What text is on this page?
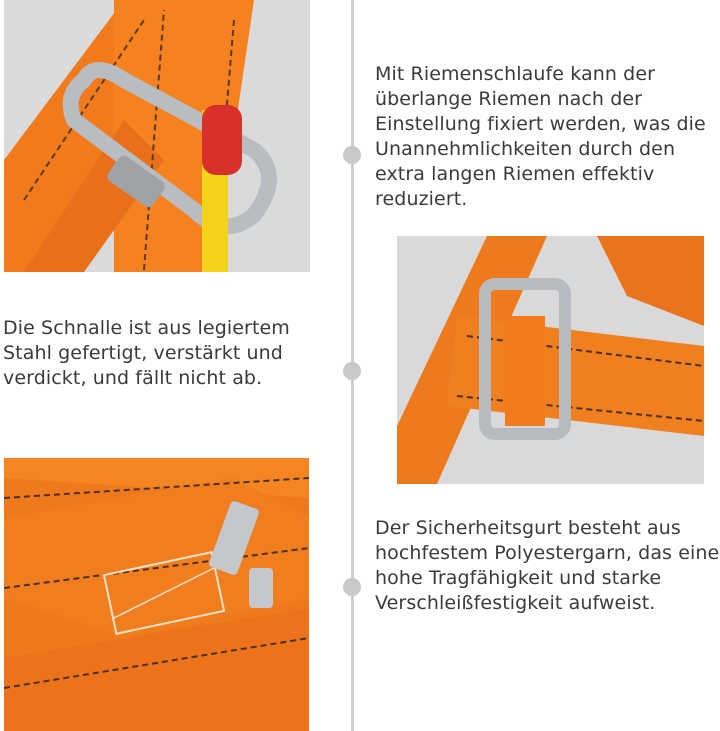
Mit Riemenschlaufe kann der überlange Riemen nach der Einstellung fixiert werden, was die Unannehmlichkeiten durch den extra langen Riemen effektiv reduziert.
Die Schnalle ist aus legiertem Stahl gefertigt, verstärkt und verdickt, und fällt nicht ab.
Der Sicherheitsgurt besteht aus hochfestem Polyestergarn, das eine hohe Tragfähigkeit und starke Verschleißfestigkeit aufweist.
